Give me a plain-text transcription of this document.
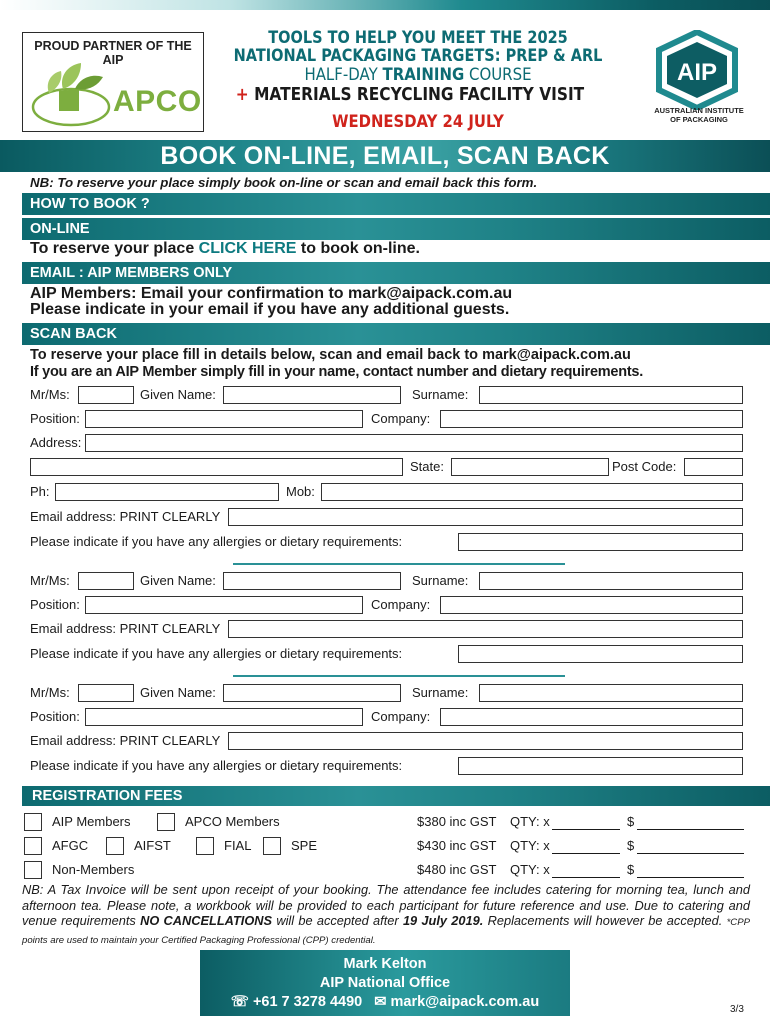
PROUD PARTNER OF THE AIP
APCO
TOOLS TO HELP YOU MEET THE 2025
NATIONAL PACKAGING TARGETS: PREP & ARL
HALF-DAY TRAINING COURSE
+ MATERIALS RECYCLING FACILITY VISIT
WEDNESDAY 24 JULY
AIP
AUSTRALIAN INSTITUTE
OF PACKAGING
BOOK ON-LINE, EMAIL, SCAN BACK
NB: To reserve your place simply book on-line or scan and email back this form.
HOW TO BOOK ?
ON-LINE
To reserve your place CLICK HERE to book on-line.
EMAIL : AIP MEMBERS ONLY
AIP Members: Email your confirmation to mark@aipack.com.au
Please indicate in your email if you have any additional guests.
SCAN BACK
To reserve your place fill in details below, scan and email back to mark@aipack.com.au
If you are an AIP Member simply fill in your name, contact number and dietary requirements.
Mr/Ms:	Given Name:	Surname:
Position:	Company:
Address:
State:	Post Code:
Ph:	Mob:
Email address: PRINT CLEARLY
Please indicate if you have any allergies or dietary requirements:
Mr/Ms:	Given Name:	Surname:
Position:	Company:
Email address: PRINT CLEARLY
Please indicate if you have any allergies or dietary requirements:
Mr/Ms:	Given Name:	Surname:
Position:	Company:
Email address: PRINT CLEARLY
Please indicate if you have any allergies or dietary requirements:
REGISTRATION FEES
AIP Members	APCO Members	$380 inc GST QTY: x	$
AFGC	AIFST	FIAL	SPE	$430 inc GST QTY: x	$
Non-Members	$480 inc GST QTY: x	$
NB: A Tax Invoice will be sent upon receipt of your booking. The attendance fee includes catering for morning tea, lunch and afternoon tea. Please note, a workbook will be provided to each participant for future reference and use. Due to catering and venue requirements NO CANCELLATIONS will be accepted after 19 July 2019. Replacements will however be accepted. *CPP points are used to maintain your Certified Packaging Professional (CPP) credential.
Mark Kelton
AIP National Office
☏ +61 7 3278 4490 ✉ mark@aipack.com.au	3/3
